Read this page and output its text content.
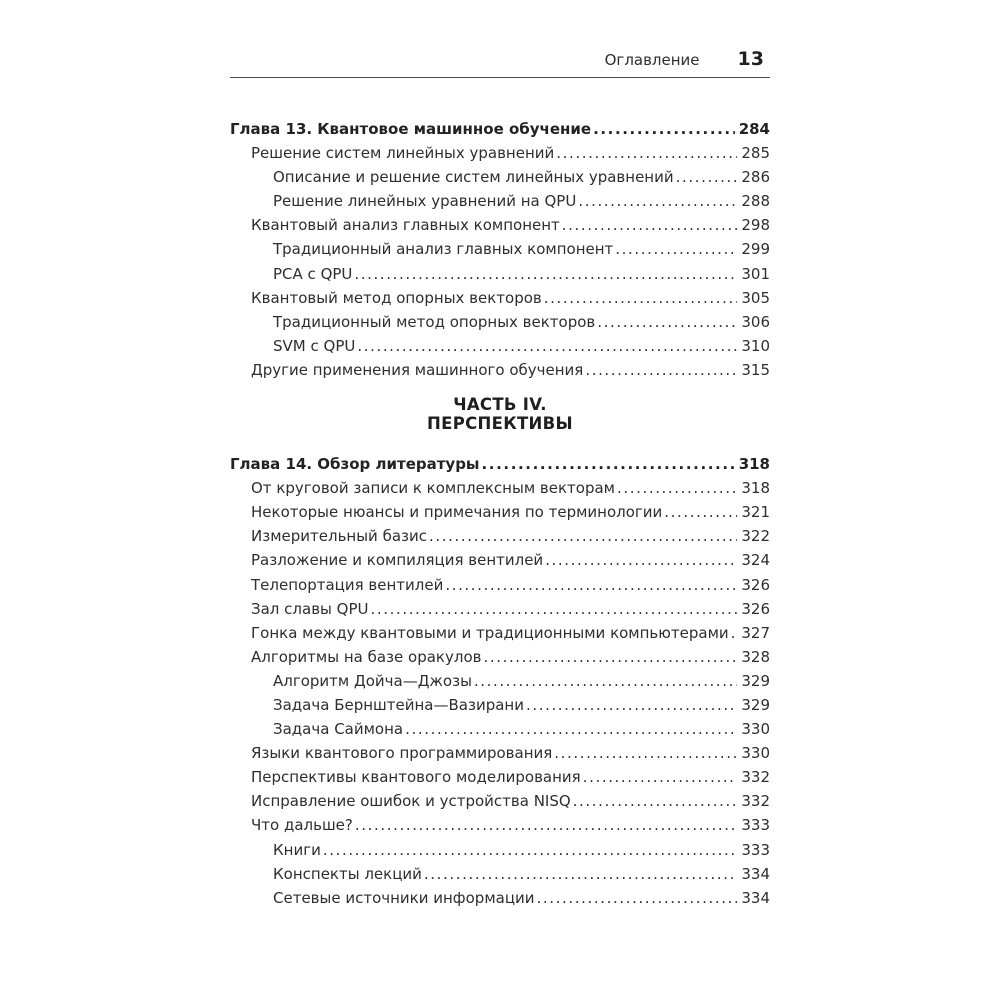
Оглавление 13
Глава 13. Квантовое машинное обучение .....	284
Решение систем линейных уравнений .....	285
Описание и решение систем линейных уравнений .....	286
Решение линейных уравнений на QPU .....	288
Квантовый анализ главных компонент .....	298
Традиционный анализ главных компонент .....	299
PCA с QPU .....	301
Квантовый метод опорных векторов .....	305
Традиционный метод опорных векторов .....	306
SVM с QPU .....	310
Другие применения машинного обучения .....	315
ЧАСТЬ IV.
ПЕРСПЕКТИВЫ
Глава 14. Обзор литературы .....	318
От круговой записи к комплексным векторам .....	318
Некоторые нюансы и примечания по терминологии .....	321
Измерительный базис .....	322
Разложение и компиляция вентилей .....	324
Телепортация вентилей .....	326
Зал славы QPU .....	326
Гонка между квантовыми и традиционными компьютерами ..... 327
Алгоритмы на базе оракулов .....	328
Алгоритм Дойча—Джозы .....	329
Задача Бернштейна—Вазирани .....	329
Задача Саймона .....	330
Языки квантового программирования .....	330
Перспективы квантового моделирования .....	332
Исправление ошибок и устройства NISQ .....	332
Что дальше? .....	333
Книги .....	333
Конспекты лекций .....	334
Сетевые источники информации .....	334
